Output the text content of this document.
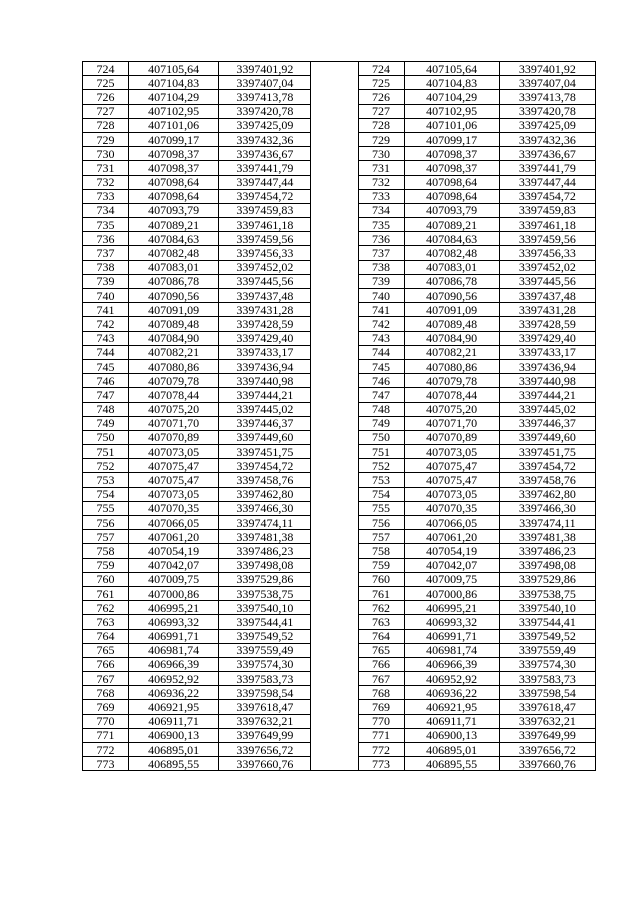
724	407105,64	3397401,92		724	407105,64	3397401,92
725	407104,83	3397407,04		725	407104,83	3397407,04
726	407104,29	3397413,78		726	407104,29	3397413,78
727	407102,95	3397420,78		727	407102,95	3397420,78
728	407101,06	3397425,09		728	407101,06	3397425,09
729	407099,17	3397432,36		729	407099,17	3397432,36
730	407098,37	3397436,67		730	407098,37	3397436,67
731	407098,37	3397441,79		731	407098,37	3397441,79
732	407098,64	3397447,44		732	407098,64	3397447,44
733	407098,64	3397454,72		733	407098,64	3397454,72
734	407093,79	3397459,83		734	407093,79	3397459,83
735	407089,21	3397461,18		735	407089,21	3397461,18
736	407084,63	3397459,56		736	407084,63	3397459,56
737	407082,48	3397456,33		737	407082,48	3397456,33
738	407083,01	3397452,02		738	407083,01	3397452,02
739	407086,78	3397445,56		739	407086,78	3397445,56
740	407090,56	3397437,48		740	407090,56	3397437,48
741	407091,09	3397431,28		741	407091,09	3397431,28
742	407089,48	3397428,59		742	407089,48	3397428,59
743	407084,90	3397429,40		743	407084,90	3397429,40
744	407082,21	3397433,17		744	407082,21	3397433,17
745	407080,86	3397436,94		745	407080,86	3397436,94
746	407079,78	3397440,98		746	407079,78	3397440,98
747	407078,44	3397444,21		747	407078,44	3397444,21
748	407075,20	3397445,02		748	407075,20	3397445,02
749	407071,70	3397446,37		749	407071,70	3397446,37
750	407070,89	3397449,60		750	407070,89	3397449,60
751	407073,05	3397451,75		751	407073,05	3397451,75
752	407075,47	3397454,72		752	407075,47	3397454,72
753	407075,47	3397458,76		753	407075,47	3397458,76
754	407073,05	3397462,80		754	407073,05	3397462,80
755	407070,35	3397466,30		755	407070,35	3397466,30
756	407066,05	3397474,11		756	407066,05	3397474,11
757	407061,20	3397481,38		757	407061,20	3397481,38
758	407054,19	3397486,23		758	407054,19	3397486,23
759	407042,07	3397498,08		759	407042,07	3397498,08
760	407009,75	3397529,86		760	407009,75	3397529,86
761	407000,86	3397538,75		761	407000,86	3397538,75
762	406995,21	3397540,10		762	406995,21	3397540,10
763	406993,32	3397544,41		763	406993,32	3397544,41
764	406991,71	3397549,52		764	406991,71	3397549,52
765	406981,74	3397559,49		765	406981,74	3397559,49
766	406966,39	3397574,30		766	406966,39	3397574,30
767	406952,92	3397583,73		767	406952,92	3397583,73
768	406936,22	3397598,54		768	406936,22	3397598,54
769	406921,95	3397618,47		769	406921,95	3397618,47
770	406911,71	3397632,21		770	406911,71	3397632,21
771	406900,13	3397649,99		771	406900,13	3397649,99
772	406895,01	3397656,72		772	406895,01	3397656,72
773	406895,55	3397660,76		773	406895,55	3397660,76
